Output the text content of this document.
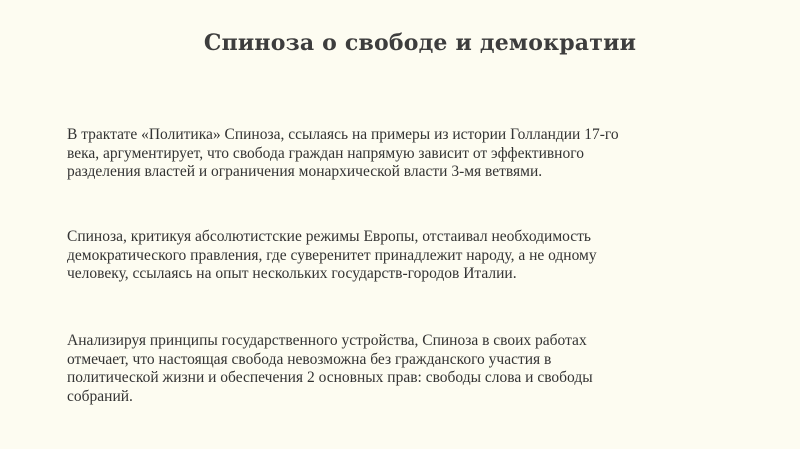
Спиноза о свободе и демократии
В трактате «Политика» Спиноза, ссылаясь на примеры из истории Голландии 17-го
века, аргументирует, что свобода граждан напрямую зависит от эффективного
разделения властей и ограничения монархической власти 3-мя ветвями.
Спиноза, критикуя абсолютистские режимы Европы, отстаивал необходимость
демократического правления, где суверенитет принадлежит народу, а не одному
человеку, ссылаясь на опыт нескольких государств-городов Италии.
Анализируя принципы государственного устройства, Спиноза в своих работах
отмечает, что настоящая свобода невозможна без гражданского участия в
политической жизни и обеспечения 2 основных прав: свободы слова и свободы
собраний.
